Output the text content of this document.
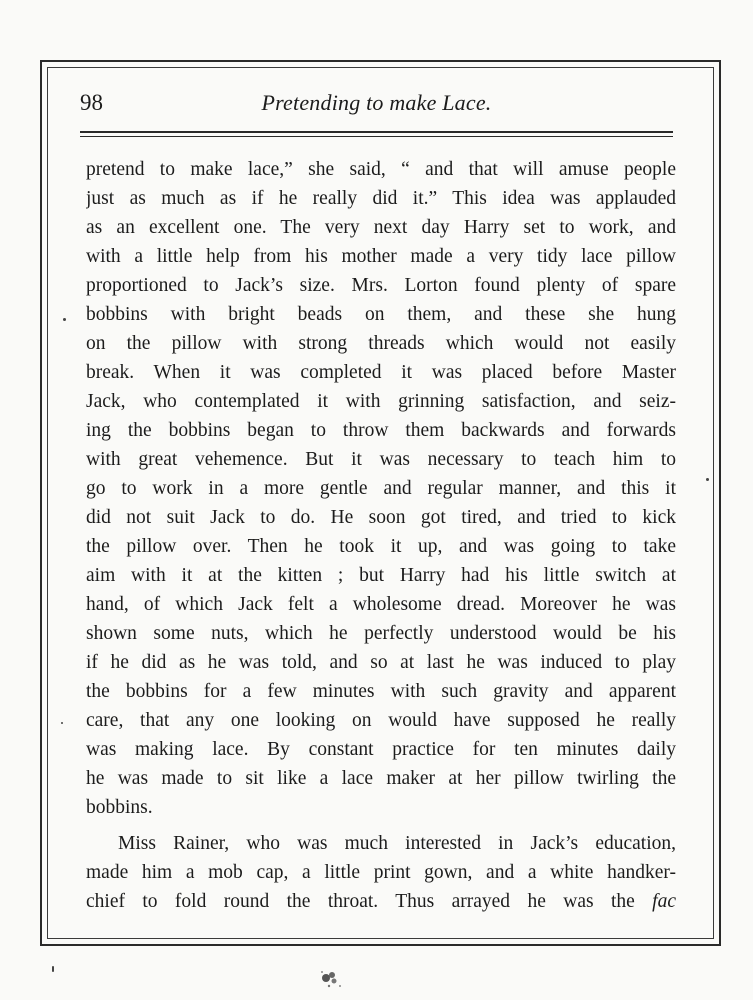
98	Pretending to make Lace.
pretend to make lace,” she said, “ and that will amuse people
just as much as if he really did it.” This idea was applauded
as an excellent one. The very next day Harry set to work, and
with a little help from his mother made a very tidy lace pillow
proportioned to Jack’s size. Mrs. Lorton found plenty of spare
bobbins with bright beads on them, and these she hung
on the pillow with strong threads which would not easily
break. When it was completed it was placed before Master
Jack, who contemplated it with grinning satisfaction, and seiz-
ing the bobbins began to throw them backwards and forwards
with great vehemence. But it was necessary to teach him to
go to work in a more gentle and regular manner, and this it
did not suit Jack to do. He soon got tired, and tried to kick
the pillow over. Then he took it up, and was going to take
aim with it at the kitten ; but Harry had his little switch at
hand, of which Jack felt a wholesome dread. Moreover he was
shown some nuts, which he perfectly understood would be his
if he did as he was told, and so at last he was induced to play
the bobbins for a few minutes with such gravity and apparent
care, that any one looking on would have supposed he really
was making lace. By constant practice for ten minutes daily
he was made to sit like a lace maker at her pillow twirling the
bobbins.
Miss Rainer, who was much interested in Jack’s education,
made him a mob cap, a little print gown, and a white handker-
chief to fold round the throat. Thus arrayed he was the fac
